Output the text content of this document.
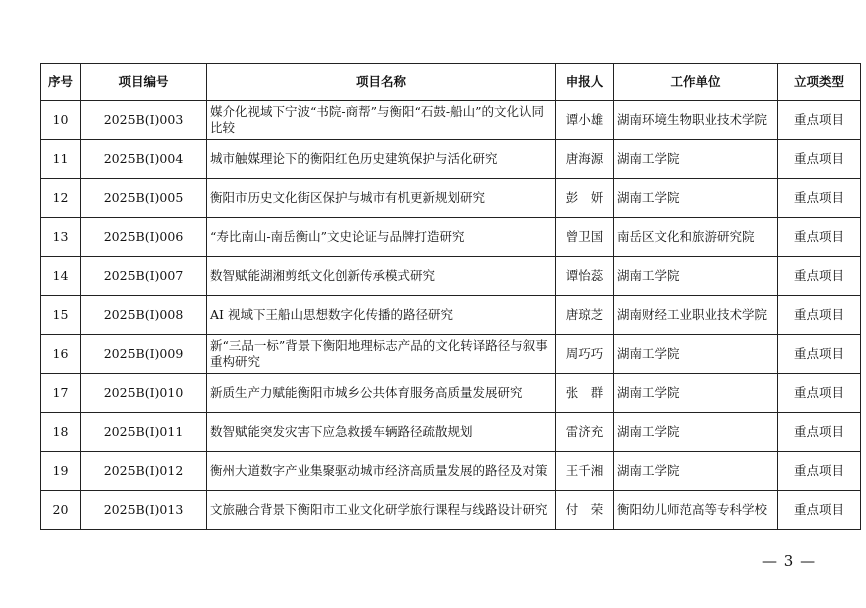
序号	项目编号	项目名称	申报人	工作单位	立项类型
10	2025B(Ⅰ)003	媒介化视域下宁波“书院-商帮”与衡阳“石鼓-船山”的文化认同比较	谭小雄	湖南环境生物职业技术学院	重点项目
11	2025B(Ⅰ)004	城市触媒理论下的衡阳红色历史建筑保护与活化研究	唐海源	湖南工学院	重点项目
12	2025B(Ⅰ)005	衡阳市历史文化街区保护与城市有机更新规划研究	彭　妍	湖南工学院	重点项目
13	2025B(Ⅰ)006	“寿比南山-南岳衡山”文史论证与品牌打造研究	曾卫国	南岳区文化和旅游研究院	重点项目
14	2025B(Ⅰ)007	数智赋能湖湘剪纸文化创新传承模式研究	谭怡蕊	湖南工学院	重点项目
15	2025B(Ⅰ)008	AI 视域下王船山思想数字化传播的路径研究	唐琼芝	湖南财经工业职业技术学院	重点项目
16	2025B(Ⅰ)009	新“三品一标”背景下衡阳地理标志产品的文化转译路径与叙事重构研究	周巧巧	湖南工学院	重点项目
17	2025B(Ⅰ)010	新质生产力赋能衡阳市城乡公共体育服务高质量发展研究	张　群	湖南工学院	重点项目
18	2025B(Ⅰ)011	数智赋能突发灾害下应急救援车辆路径疏散规划	雷济充	湖南工学院	重点项目
19	2025B(Ⅰ)012	衡州大道数字产业集聚驱动城市经济高质量发展的路径及对策	王千湘	湖南工学院	重点项目
20	2025B(Ⅰ)013	文旅融合背景下衡阳市工业文化研学旅行课程与线路设计研究	付　荣	衡阳幼儿师范高等专科学校	重点项目
— 3 —
